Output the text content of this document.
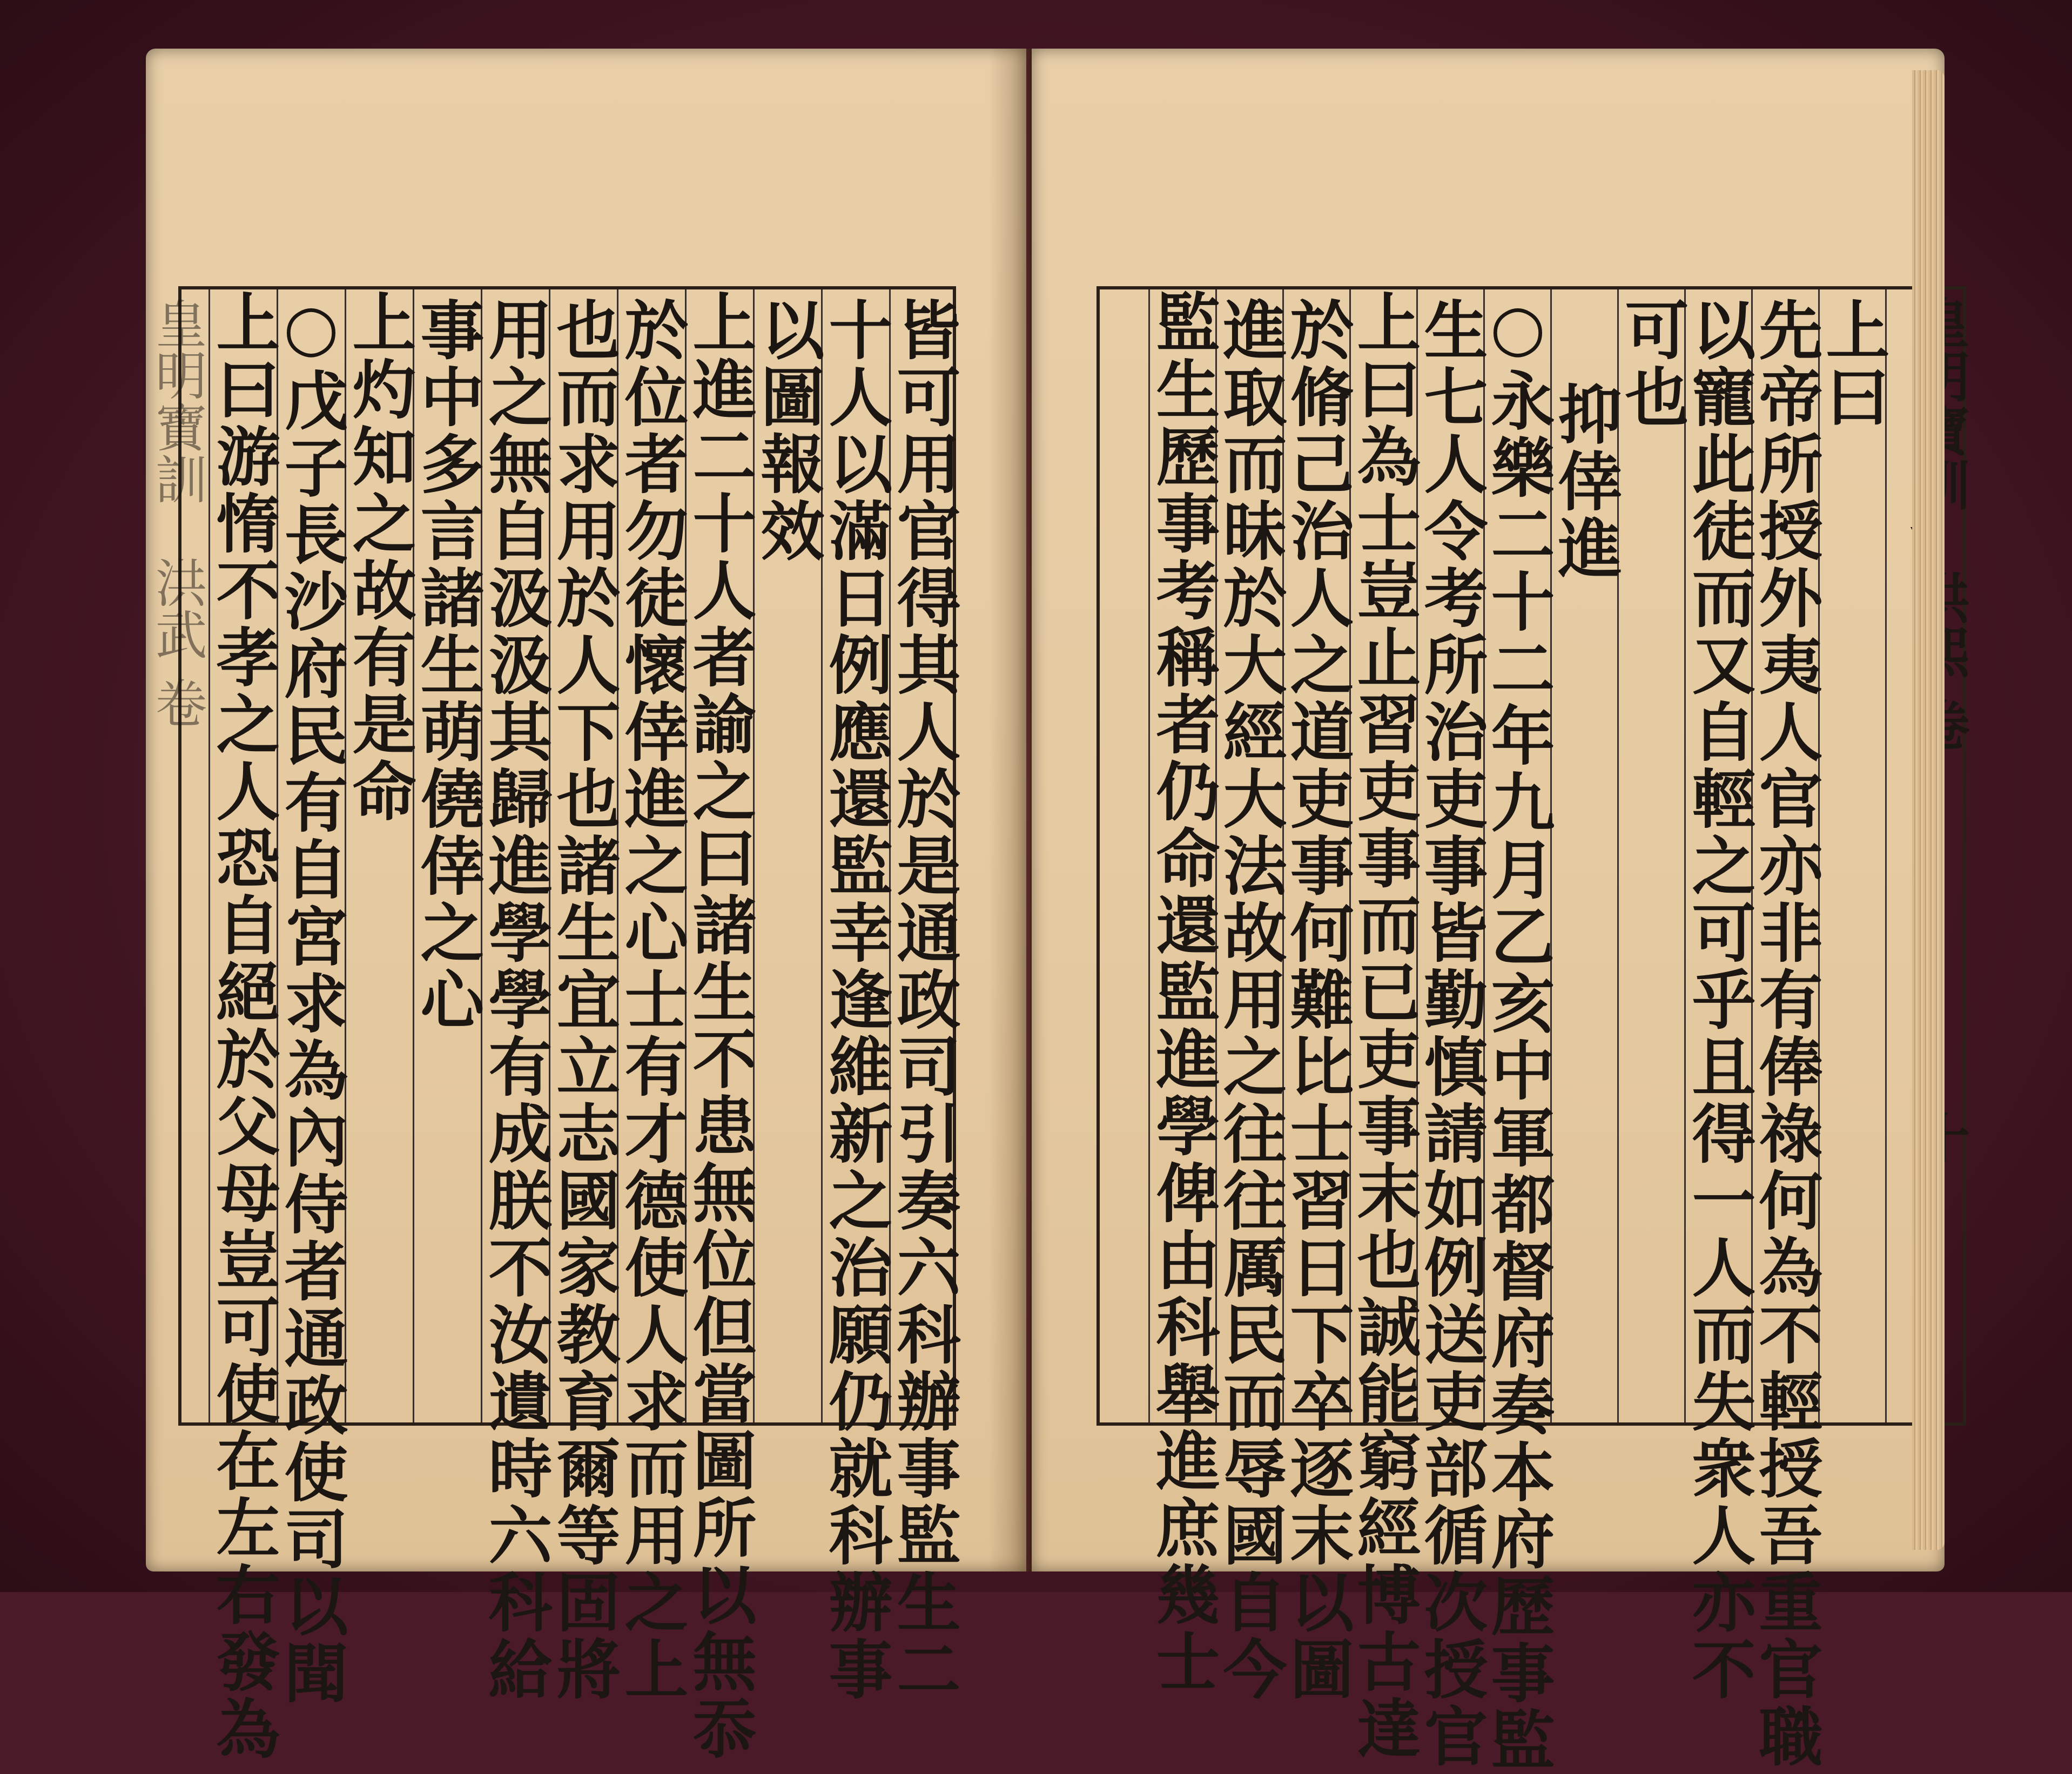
皆可用官得其人於是通政司引奏六科辦事監生二
十人以滿日例應還監幸逢維新之治願仍就科辦事
以圖報效
上進二十人者諭之曰諸生不患無位但當圖所以無忝
於位者勿徒懷倖進之心士有才德使人求而用之上
也而求用於人下也諸生宜立志國家教育爾等固將
用之無自汲汲其歸進學學有成朕不汝遺時六科給
事中多言諸生萌僥倖之心
上灼知之故有是命
○戊子長沙府民有自宮求為內侍者通政使司以聞
上曰游惰不孝之人恐自絕於父母豈可使在左右發為
皇明寶訓　洪武 卷	上曰
先帝所授外夷人官亦非有俸祿何為不輕授吾重官職
以寵此徒而又自輕之可乎且得一人而失衆人亦不
可也
抑倖進
○永樂二十二年九月乙亥中軍都督府奏本府歷事監
生七人令考所治吏事皆勤慎請如例送吏部循次授官
上曰為士豈止習吏事而已吏事末也誠能窮經博古達
於脩己治人之道吏事何難比士習日下卒逐末以圖
進取而昧於大經大法故用之往往厲民而辱國自今
監生歷事考稱者仍命還監進學俾由科舉進庶幾士
